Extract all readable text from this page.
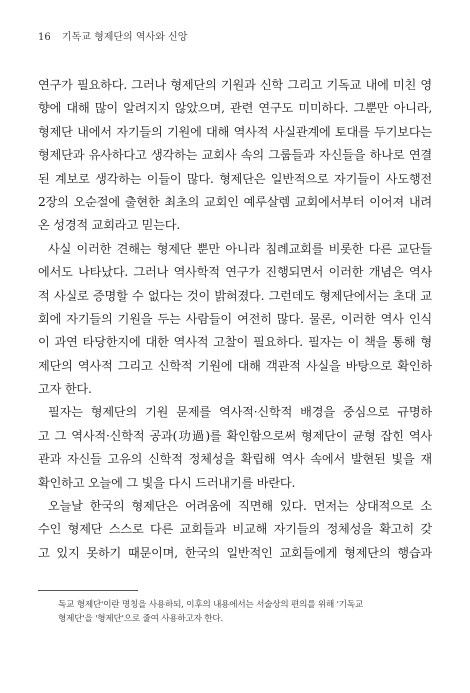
16 기독교 형제단의 역사와 신앙
연구가 필요하다. 그러나 형제단의 기원과 신학 그리고 기독교 내에 미친 영
향에 대해 많이 알려지지 않았으며, 관련 연구도 미미하다. 그뿐만 아니라,
형제단 내에서 자기들의 기원에 대해 역사적 사실관계에 토대를 두기보다는
형제단과 유사하다고 생각하는 교회사 속의 그룹들과 자신들을 하나로 연결
된 계보로 생각하는 이들이 많다. 형제단은 일반적으로 자기들이 사도행전
2장의 오순절에 출현한 최초의 교회인 예루살렘 교회에서부터 이어져 내려
온 성경적 교회라고 믿는다.
사실 이러한 견해는 형제단 뿐만 아니라 침례교회를 비롯한 다른 교단들
에서도 나타났다. 그러나 역사학적 연구가 진행되면서 이러한 개념은 역사
적 사실로 증명할 수 없다는 것이 밝혀졌다. 그런데도 형제단에서는 초대 교
회에 자기들의 기원을 두는 사람들이 여전히 많다. 물론, 이러한 역사 인식
이 과연 타당한지에 대한 역사적 고찰이 필요하다. 필자는 이 책을 통해 형
제단의 역사적 그리고 신학적 기원에 대해 객관적 사실을 바탕으로 확인하
고자 한다.
필자는 형제단의 기원 문제를 역사적·신학적 배경을 중심으로 규명하
고 그 역사적·신학적 공과(功過)를 확인함으로써 형제단이 균형 잡힌 역사
관과 자신들 고유의 신학적 정체성을 확립해 역사 속에서 발현된 빛을 재
확인하고 오늘에 그 빛을 다시 드러내기를 바란다.
오늘날 한국의 형제단은 어려움에 직면해 있다. 먼저는 상대적으로 소
수인 형제단 스스로 다른 교회들과 비교해 자기들의 정체성을 확고히 갖
고 있지 못하기 때문이며, 한국의 일반적인 교회들에게 형제단의 행습과
독교 형제단'이란 명칭을 사용하되, 이후의 내용에서는 서술상의 편의를 위해 '기독교
형제단'을 '형제단'으로 줄여 사용하고자 한다.
